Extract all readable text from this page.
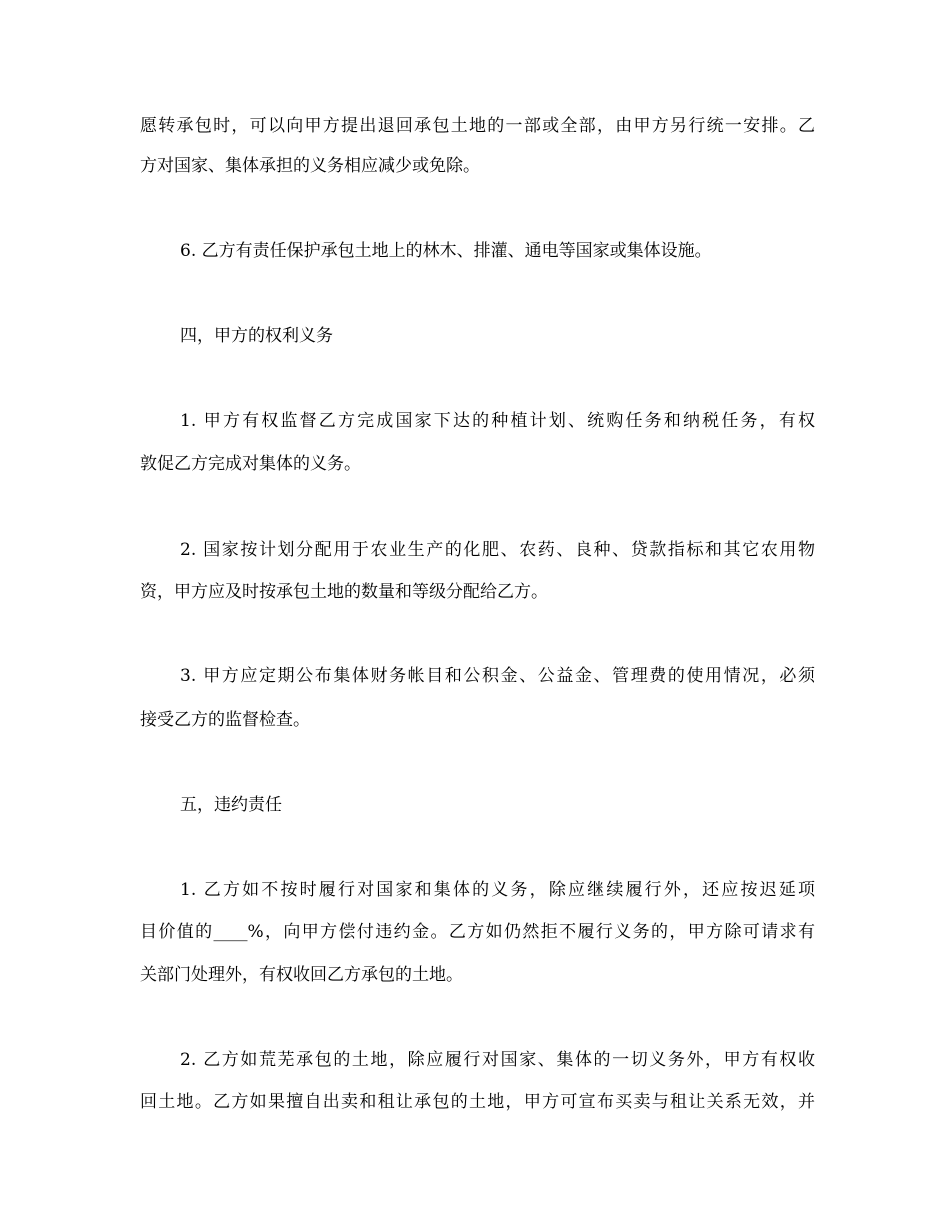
愿转承包时，可以向甲方提出退回承包土地的一部或全部，由甲方另行统一安排。乙
方对国家、集体承担的义务相应减少或免除。
6. 乙方有责任保护承包土地上的林木、排灌、通电等国家或集体设施。
四，甲方的权利义务
1. 甲方有权监督乙方完成国家下达的种植计划、统购任务和纳税任务，有权
敦促乙方完成对集体的义务。
2. 国家按计划分配用于农业生产的化肥、农药、良种、贷款指标和其它农用物
资，甲方应及时按承包土地的数量和等级分配给乙方。
3. 甲方应定期公布集体财务帐目和公积金、公益金、管理费的使用情况，必须
接受乙方的监督检查。
五，违约责任
1. 乙方如不按时履行对国家和集体的义务，除应继续履行外，还应按迟延项
目价值的____%，向甲方偿付违约金。乙方如仍然拒不履行义务的，甲方除可请求有
关部门处理外，有权收回乙方承包的土地。
2. 乙方如荒芜承包的土地，除应履行对国家、集体的一切义务外，甲方有权收
回土地。乙方如果擅自出卖和租让承包的土地，甲方可宣布买卖与租让关系无效，并
